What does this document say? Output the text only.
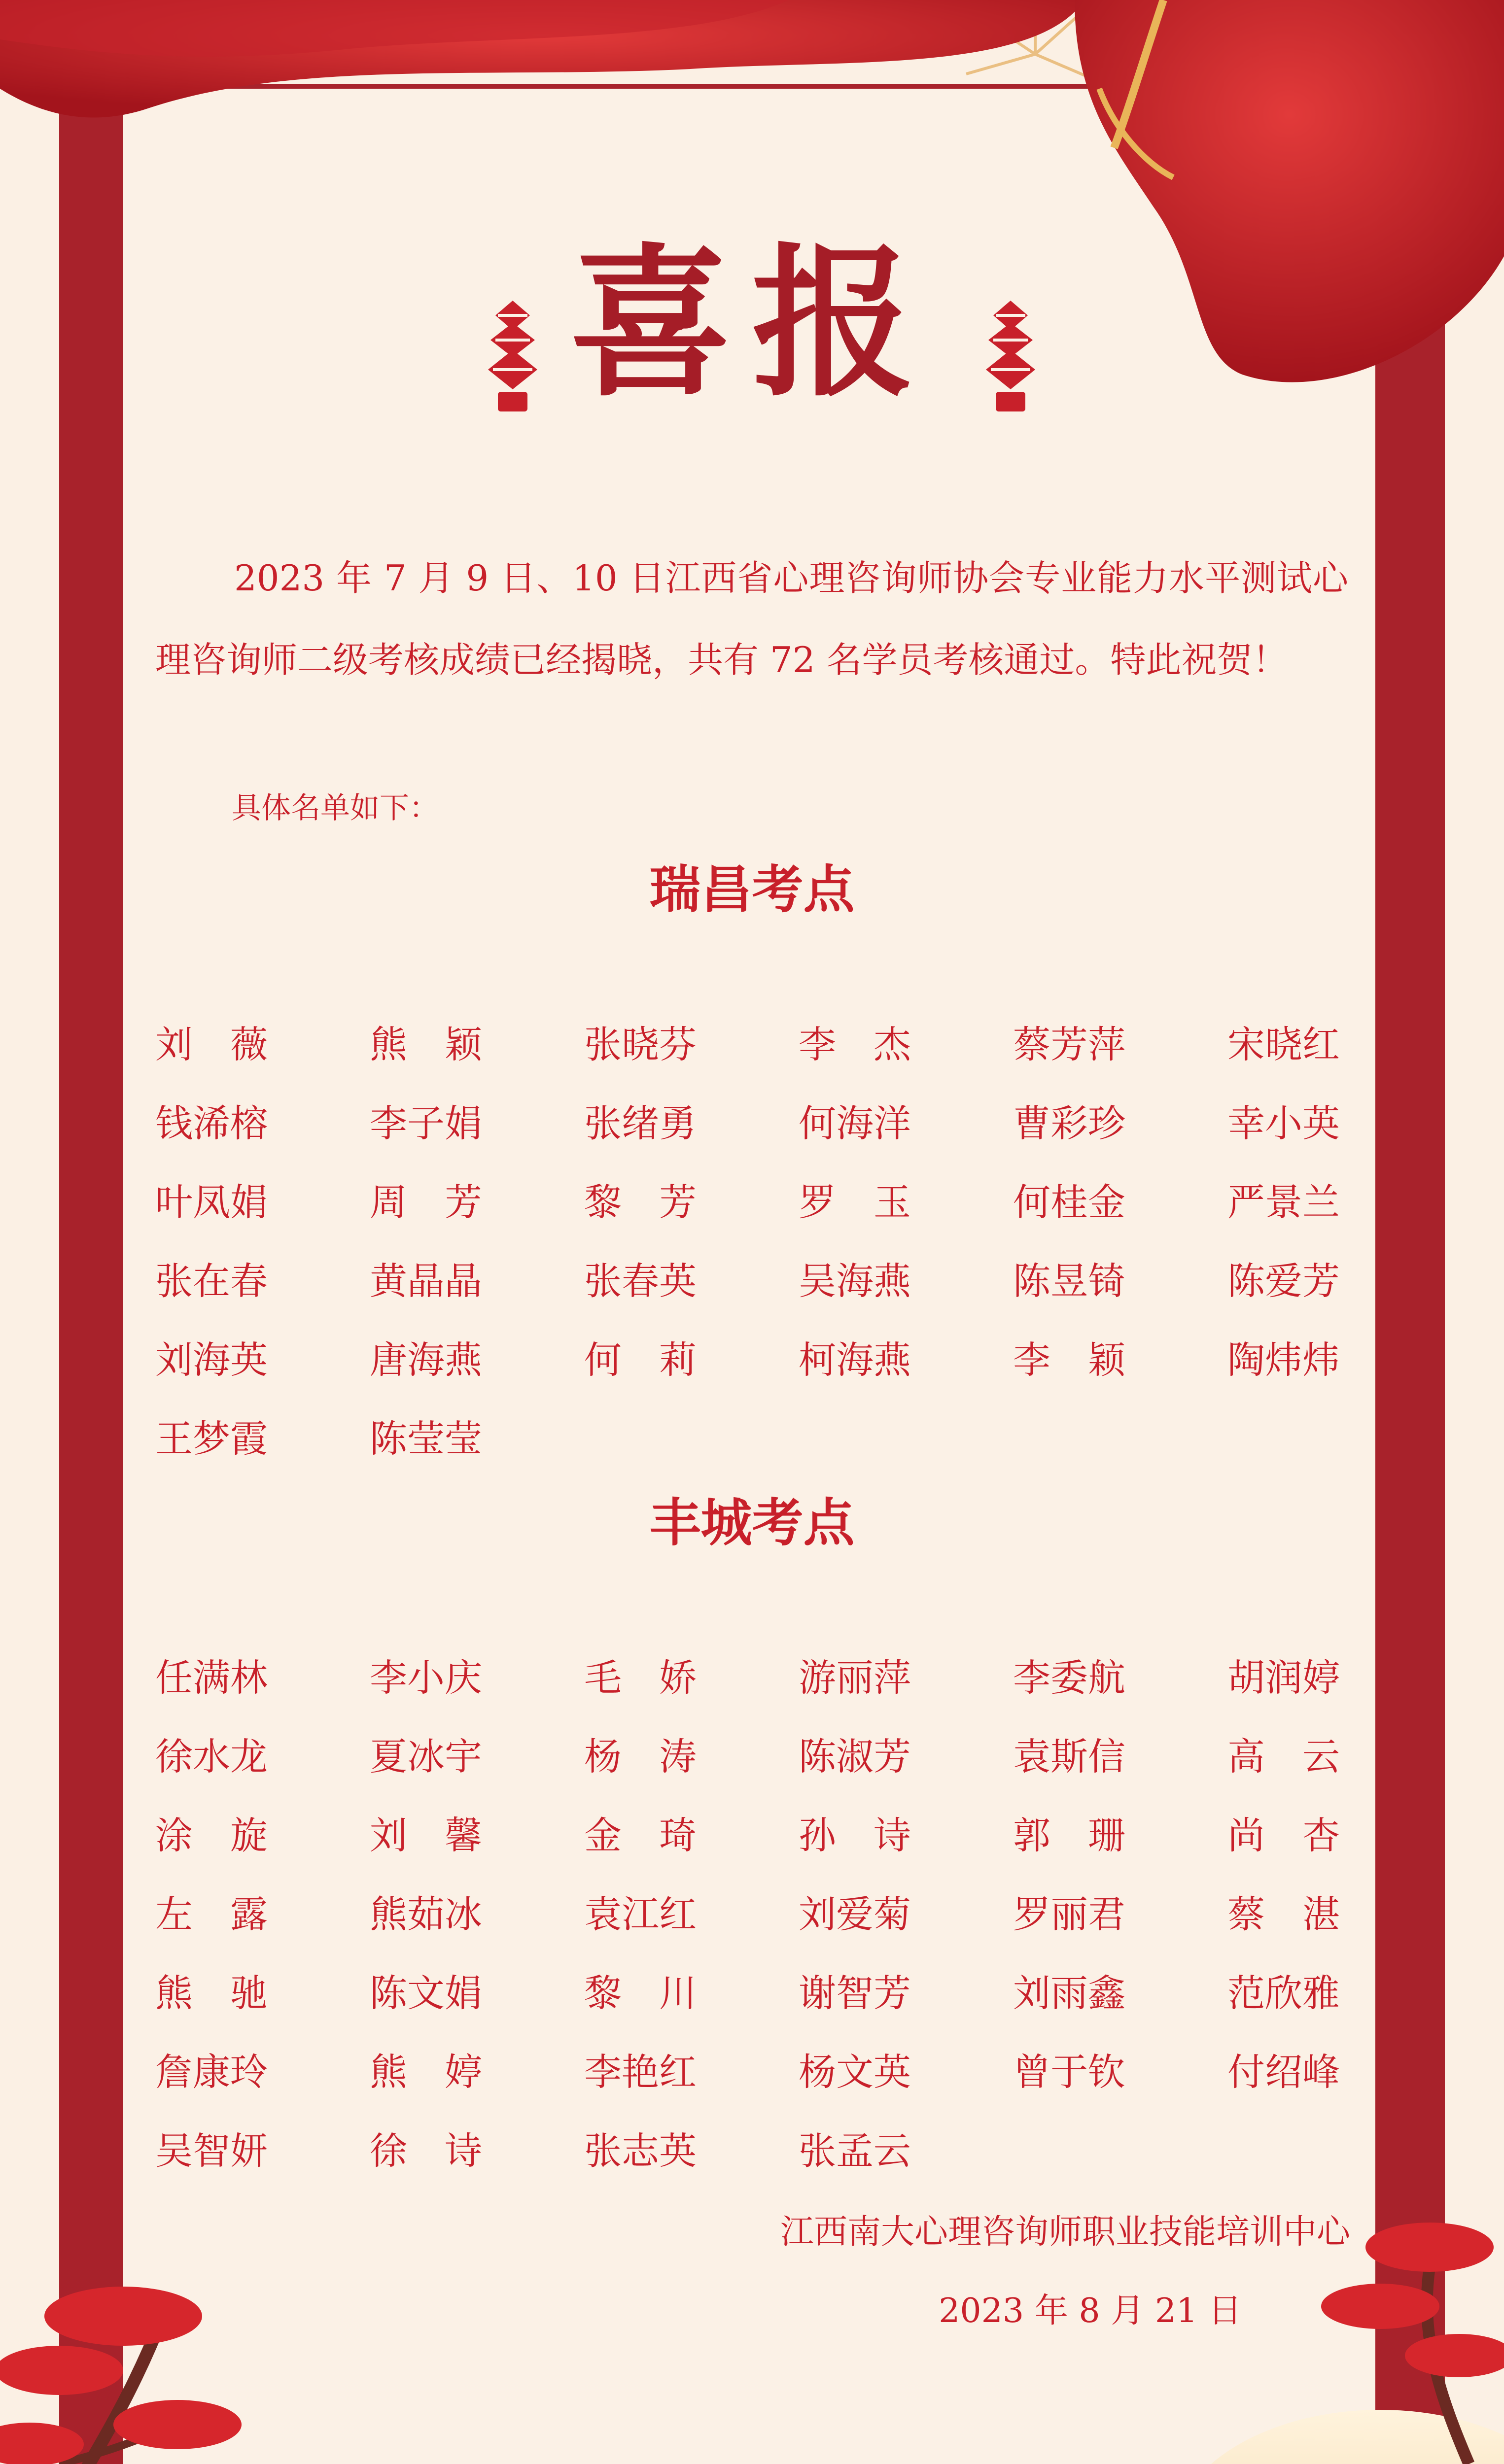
喜报

2023 年 7 月 9 日、10 日江西省心理咨询师协会专业能力水平测试心理咨询师二级考核成绩已经揭晓，共有 72 名学员考核通过。特此祝贺！

具体名单如下：

瑞昌考点
刘　薇	熊　颖	张晓芬	李　杰	蔡芳萍	宋晓红
钱浠榕	李子娟	张绪勇	何海洋	曹彩珍	幸小英
叶凤娟	周　芳	黎　芳	罗　玉	何桂金	严景兰
张在春	黄晶晶	张春英	吴海燕	陈昱锜	陈爱芳
刘海英	唐海燕	何　莉	柯海燕	李　颖	陶炜炜
王梦霞	陈莹莹
丰城考点
任满林	李小庆	毛　娇	游丽萍	李委航	胡润婷
徐水龙	夏冰宇	杨　涛	陈淑芳	袁斯信	高　云
涂　旋	刘　馨	金　琦	孙　诗	郭　珊	尚　杏
左　露	熊茹冰	袁江红	刘爱菊	罗丽君	蔡　湛
熊　驰	陈文娟	黎　川	谢智芳	刘雨鑫	范欣雅
詹康玲	熊　婷	李艳红	杨文英	曾于钦	付绍峰
吴智妍	徐　诗	张志英	张孟云

江西南大心理咨询师职业技能培训中心

2023 年 8 月 21 日
